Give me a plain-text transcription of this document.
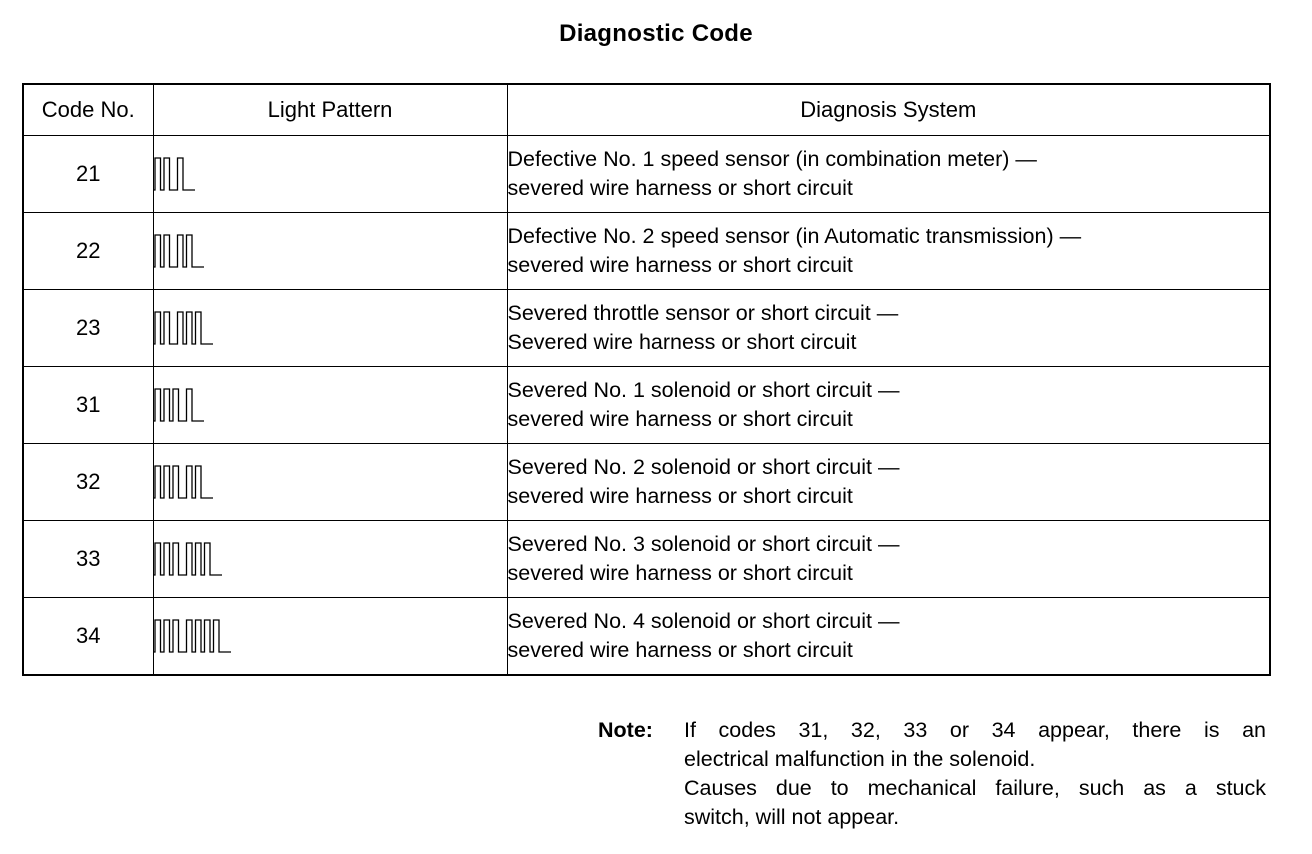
Diagnostic Code
Code No.	Light Pattern	Diagnosis System
21		Defective No. 1 speed sensor (in combination meter) —
severed wire harness or short circuit

22		Defective No. 2 speed sensor (in Automatic transmission) —
severed wire harness or short circuit

23		Severed throttle sensor or short circuit —
Severed wire harness or short circuit

31		Severed No. 1 solenoid or short circuit —
severed wire harness or short circuit

32		Severed No. 2 solenoid or short circuit —
severed wire harness or short circuit

33		Severed No. 3 solenoid or short circuit —
severed wire harness or short circuit

34		Severed No. 4 solenoid or short circuit —
severed wire harness or short circuit
Note: If codes 31, 32, 33 or 34 appear, there is an
electrical malfunction in the solenoid.
Causes due to mechanical failure, such as a stuck
switch, will not appear.
